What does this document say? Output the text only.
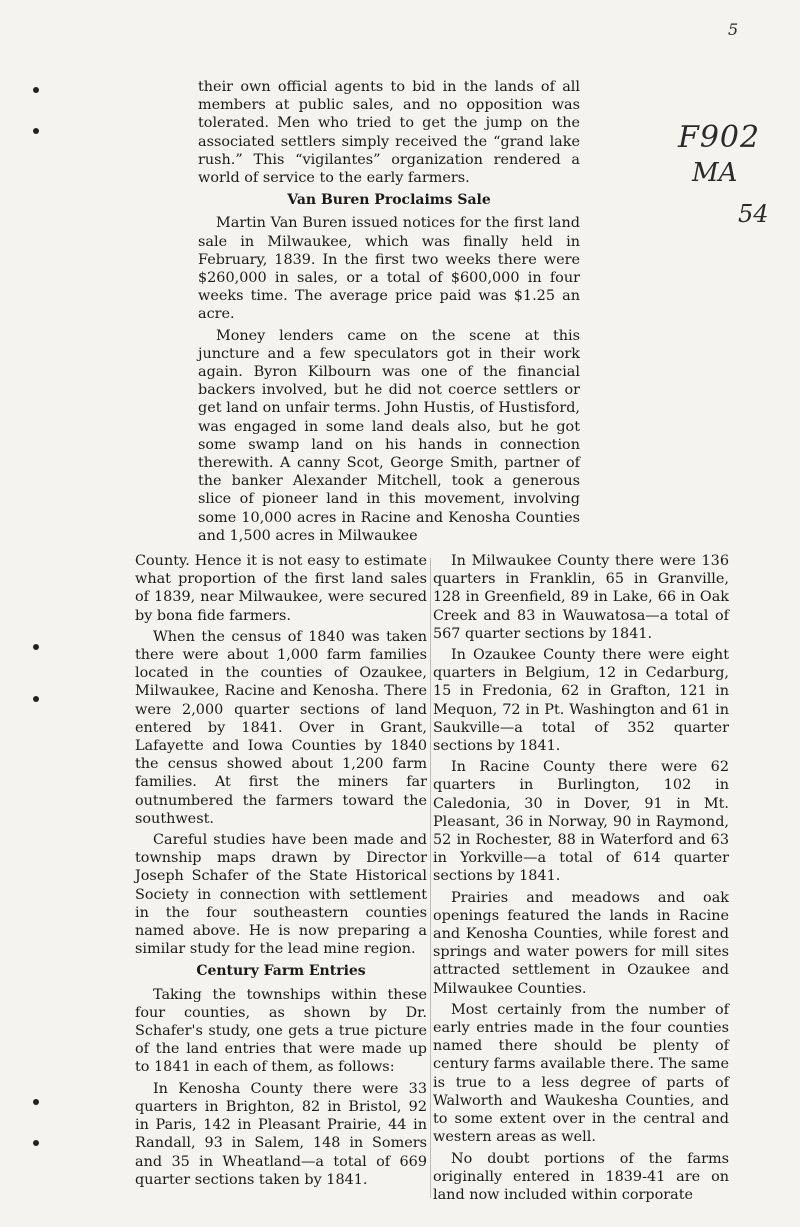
5
F902
MA
54

their own official agents to bid in the lands of all members at public sales, and no opposition was tolerated. Men who tried to get the jump on the associated settlers simply received the “grand lake rush.” This “vigilantes” organization rendered a world of service to the early farmers.

Van Buren Proclaims Sale

Martin Van Buren issued notices for the first land sale in Milwaukee, which was finally held in February, 1839. In the first two weeks there were $260,000 in sales, or a total of $600,000 in four weeks time. The average price paid was $1.25 an acre.

Money lenders came on the scene at this juncture and a few speculators got in their work again. Byron Kilbourn was one of the financial backers involved, but he did not coerce settlers or get land on unfair terms. John Hustis, of Hustisford, was engaged in some land deals also, but he got some swamp land on his hands in connection therewith. A canny Scot, George Smith, partner of the banker Alexander Mitchell, took a generous slice of pioneer land in this movement, involving some 10,000 acres in Racine and Kenosha Counties and 1,500 acres in Milwaukee

County. Hence it is not easy to estimate what proportion of the first land sales of 1839, near Milwaukee, were secured by bona fide farmers.

When the census of 1840 was taken there were about 1,000 farm families located in the counties of Ozaukee, Milwaukee, Racine and Kenosha. There were 2,000 quarter sections of land entered by 1841. Over in Grant, Lafayette and Iowa Counties by 1840 the census showed about 1,200 farm families. At first the miners far outnumbered the farmers toward the southwest.

Careful studies have been made and township maps drawn by Director Joseph Schafer of the State Historical Society in connection with settlement in the four southeastern counties named above. He is now preparing a similar study for the lead mine region.

Century Farm Entries

Taking the townships within these four counties, as shown by Dr. Schafer's study, one gets a true picture of the land entries that were made up to 1841 in each of them, as follows:

In Kenosha County there were 33 quarters in Brighton, 82 in Bristol, 92 in Paris, 142 in Pleasant Prairie, 44 in Randall, 93 in Salem, 148 in Somers and 35 in Wheatland—a total of 669 quarter sections taken by 1841.

In Milwaukee County there were 136 quarters in Franklin, 65 in Granville, 128 in Greenfield, 89 in Lake, 66 in Oak Creek and 83 in Wauwatosa—a total of 567 quarter sections by 1841.

In Ozaukee County there were eight quarters in Belgium, 12 in Cedarburg, 15 in Fredonia, 62 in Grafton, 121 in Mequon, 72 in Pt. Washington and 61 in Saukville—a total of 352 quarter sections by 1841.

In Racine County there were 62 quarters in Burlington, 102 in Caledonia, 30 in Dover, 91 in Mt. Pleasant, 36 in Norway, 90 in Raymond, 52 in Rochester, 88 in Waterford and 63 in Yorkville—a total of 614 quarter sections by 1841.

Prairies and meadows and oak openings featured the lands in Racine and Kenosha Counties, while forest and springs and water powers for mill sites attracted settlement in Ozaukee and Milwaukee Counties.

Most certainly from the number of early entries made in the four counties named there should be plenty of century farms available there. The same is true to a less degree of parts of Walworth and Waukesha Counties, and to some extent over in the central and western areas as well.

No doubt portions of the farms originally entered in 1839-41 are on land now included within corporate
